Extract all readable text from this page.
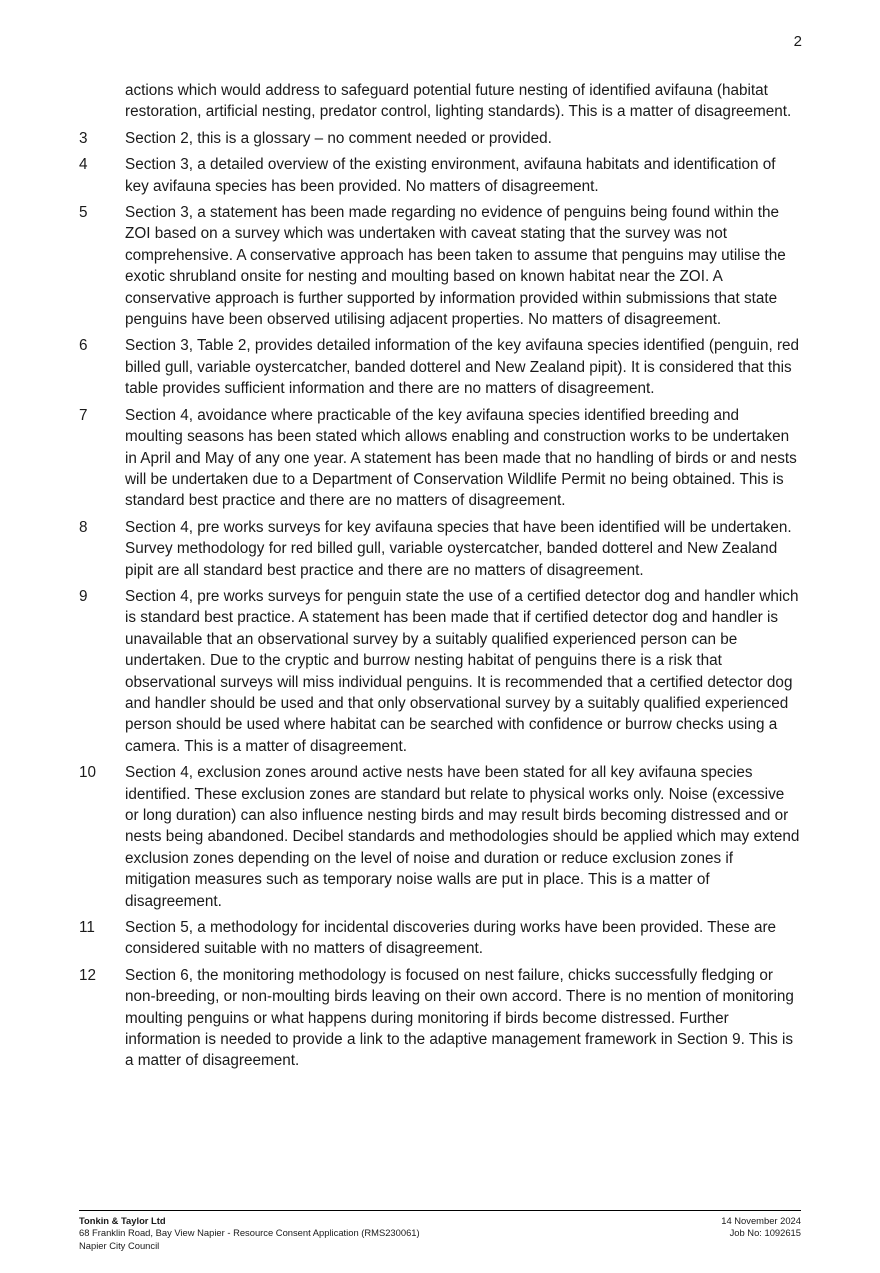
2

actions which would address to safeguard potential future nesting of identified avifauna (habitat restoration, artificial nesting, predator control, lighting standards). This is a matter of disagreement.

3	Section 2, this is a glossary – no comment needed or provided.
4	Section 3, a detailed overview of the existing environment, avifauna habitats and identification of key avifauna species has been provided. No matters of disagreement.
5	Section 3, a statement has been made regarding no evidence of penguins being found within the ZOI based on a survey which was undertaken with caveat stating that the survey was not comprehensive. A conservative approach has been taken to assume that penguins may utilise the exotic shrubland onsite for nesting and moulting based on known habitat near the ZOI. A conservative approach is further supported by information provided within submissions that state penguins have been observed utilising adjacent properties. No matters of disagreement.
6	Section 3, Table 2, provides detailed information of the key avifauna species identified (penguin, red billed gull, variable oystercatcher, banded dotterel and New Zealand pipit). It is considered that this table provides sufficient information and there are no matters of disagreement.
7	Section 4, avoidance where practicable of the key avifauna species identified breeding and moulting seasons has been stated which allows enabling and construction works to be undertaken in April and May of any one year. A statement has been made that no handling of birds or and nests will be undertaken due to a Department of Conservation Wildlife Permit no being obtained. This is standard best practice and there are no matters of disagreement.
8	Section 4, pre works surveys for key avifauna species that have been identified will be undertaken. Survey methodology for red billed gull, variable oystercatcher, banded dotterel and New Zealand pipit are all standard best practice and there are no matters of disagreement.
9	Section 4, pre works surveys for penguin state the use of a certified detector dog and handler which is standard best practice. A statement has been made that if certified detector dog and handler is unavailable that an observational survey by a suitably qualified experienced person can be undertaken. Due to the cryptic and burrow nesting habitat of penguins there is a risk that observational surveys will miss individual penguins. It is recommended that a certified detector dog and handler should be used and that only observational survey by a suitably qualified experienced person should be used where habitat can be searched with confidence or burrow checks using a camera. This is a matter of disagreement.
10	Section 4, exclusion zones around active nests have been stated for all key avifauna species identified. These exclusion zones are standard but relate to physical works only. Noise (excessive or long duration) can also influence nesting birds and may result birds becoming distressed and or nests being abandoned. Decibel standards and methodologies should be applied which may extend exclusion zones depending on the level of noise and duration or reduce exclusion zones if mitigation measures such as temporary noise walls are put in place. This is a matter of disagreement.
11	Section 5, a methodology for incidental discoveries during works have been provided. These are considered suitable with no matters of disagreement.
12	Section 6, the monitoring methodology is focused on nest failure, chicks successfully fledging or non-breeding, or non-moulting birds leaving on their own accord. There is no mention of monitoring moulting penguins or what happens during monitoring if birds become distressed. Further information is needed to provide a link to the adaptive management framework in Section 9. This is a matter of disagreement.
Tonkin & Taylor Ltd
68 Franklin Road, Bay View Napier - Resource Consent Application (RMS230061)
Napier City Council
14 November 2024
Job No: 1092615
